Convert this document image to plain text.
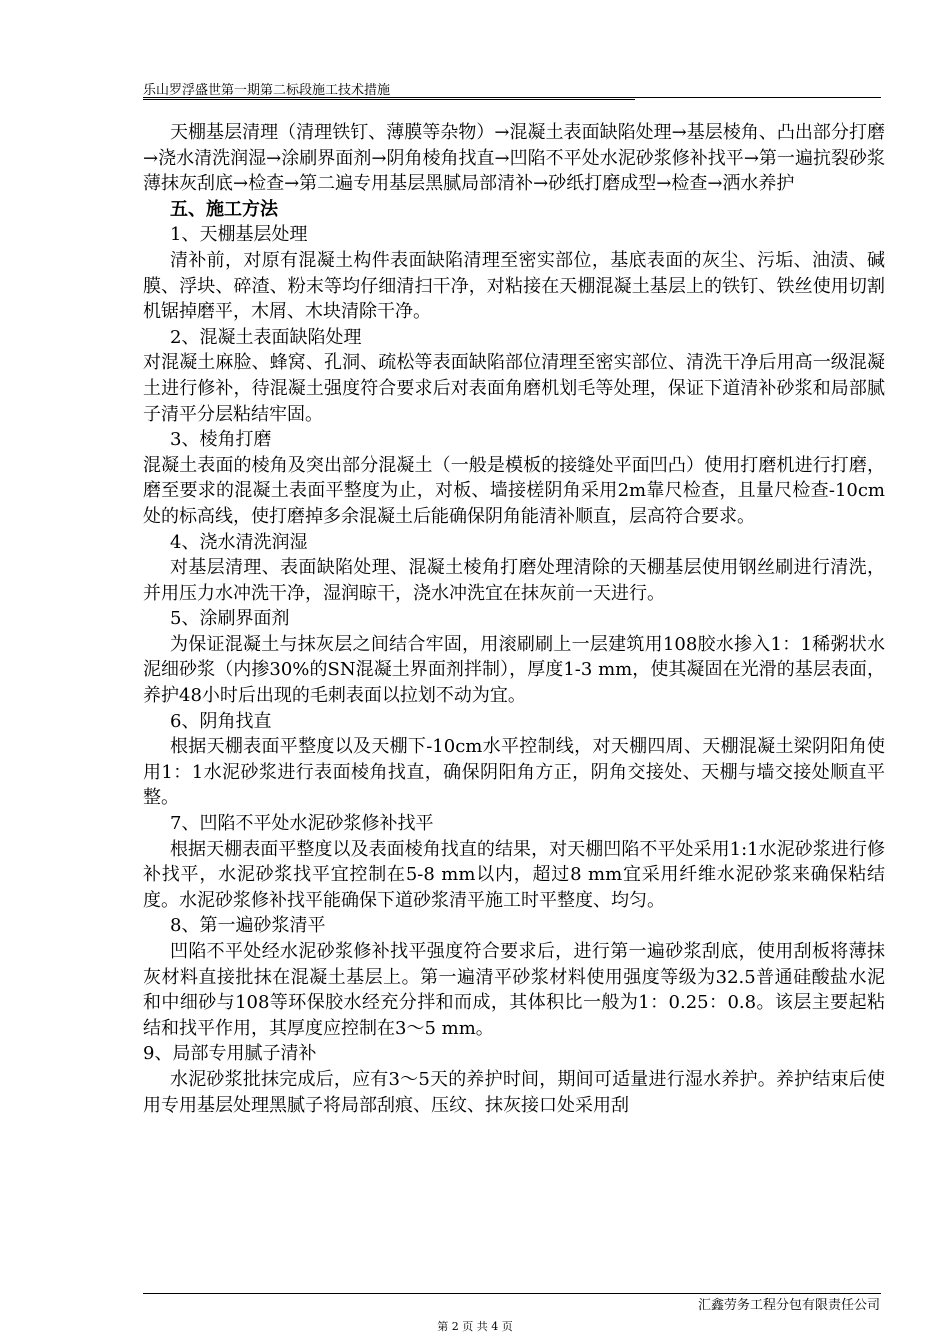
乐山罗浮盛世第一期第二标段施工技术措施

天棚基层清理（清理铁钉、薄膜等杂物）→混凝土表面缺陷处理→基层棱角、凸出部分打磨→浇水清洗润湿→涂刷界面剂→阴角棱角找直→凹陷不平处水泥砂浆修补找平→第一遍抗裂砂浆薄抹灰刮底→检查→第二遍专用基层黑腻局部清补→砂纸打磨成型→检查→洒水养护

五、施工方法

1、天棚基层处理

清补前，对原有混凝土构件表面缺陷清理至密实部位，基底表面的灰尘、污垢、油渍、碱膜、浮块、碎渣、粉末等均仔细清扫干净，对粘接在天棚混凝土基层上的铁钉、铁丝使用切割机锯掉磨平，木屑、木块清除干净。

2、混凝土表面缺陷处理

对混凝土麻脸、蜂窝、孔洞、疏松等表面缺陷部位清理至密实部位、清洗干净后用高一级混凝土进行修补，待混凝土强度符合要求后对表面角磨机划毛等处理，保证下道清补砂浆和局部腻子清平分层粘结牢固。

3、棱角打磨

混凝土表面的棱角及突出部分混凝土（一般是模板的接缝处平面凹凸）使用打磨机进行打磨，磨至要求的混凝土表面平整度为止，对板、墙接槎阴角采用2m靠尺检查，且量尺检查-10cm处的标高线，使打磨掉多余混凝土后能确保阴角能清补顺直，层高符合要求。

4、浇水清洗润湿

对基层清理、表面缺陷处理、混凝土棱角打磨处理清除的天棚基层使用钢丝刷进行清洗，并用压力水冲洗干净，湿润晾干，浇水冲洗宜在抹灰前一天进行。

5、涂刷界面剂

为保证混凝土与抹灰层之间结合牢固，用滚刷刷上一层建筑用108胶水掺入1：1稀粥状水泥细砂浆（内掺30%的SN混凝土界面剂拌制），厚度1-3 mm，使其凝固在光滑的基层表面，养护48小时后出现的毛刺表面以拉划不动为宜。

6、阴角找直

根据天棚表面平整度以及天棚下-10cm水平控制线，对天棚四周、天棚混凝土梁阴阳角使用1：1水泥砂浆进行表面棱角找直，确保阴阳角方正，阴角交接处、天棚与墙交接处顺直平整。

7、凹陷不平处水泥砂浆修补找平

根据天棚表面平整度以及表面棱角找直的结果，对天棚凹陷不平处采用1:1水泥砂浆进行修补找平，水泥砂浆找平宜控制在5-8 mm以内，超过8 mm宜采用纤维水泥砂浆来确保粘结度。水泥砂浆修补找平能确保下道砂浆清平施工时平整度、均匀。

8、第一遍砂浆清平

凹陷不平处经水泥砂浆修补找平强度符合要求后，进行第一遍砂浆刮底，使用刮板将薄抹灰材料直接批抹在混凝土基层上。第一遍清平砂浆材料使用强度等级为32.5普通硅酸盐水泥和中细砂与108等环保胶水经充分拌和而成，其体积比一般为1：0.25：0.8。该层主要起粘结和找平作用，其厚度应控制在3～5 mm。

9、局部专用腻子清补

水泥砂浆批抹完成后，应有3～5天的养护时间，期间可适量进行湿水养护。养护结束后使用专用基层处理黑腻子将局部刮痕、压纹、抹灰接口处采用刮

汇鑫劳务工程分包有限责任公司
第 2 页 共 4 页
